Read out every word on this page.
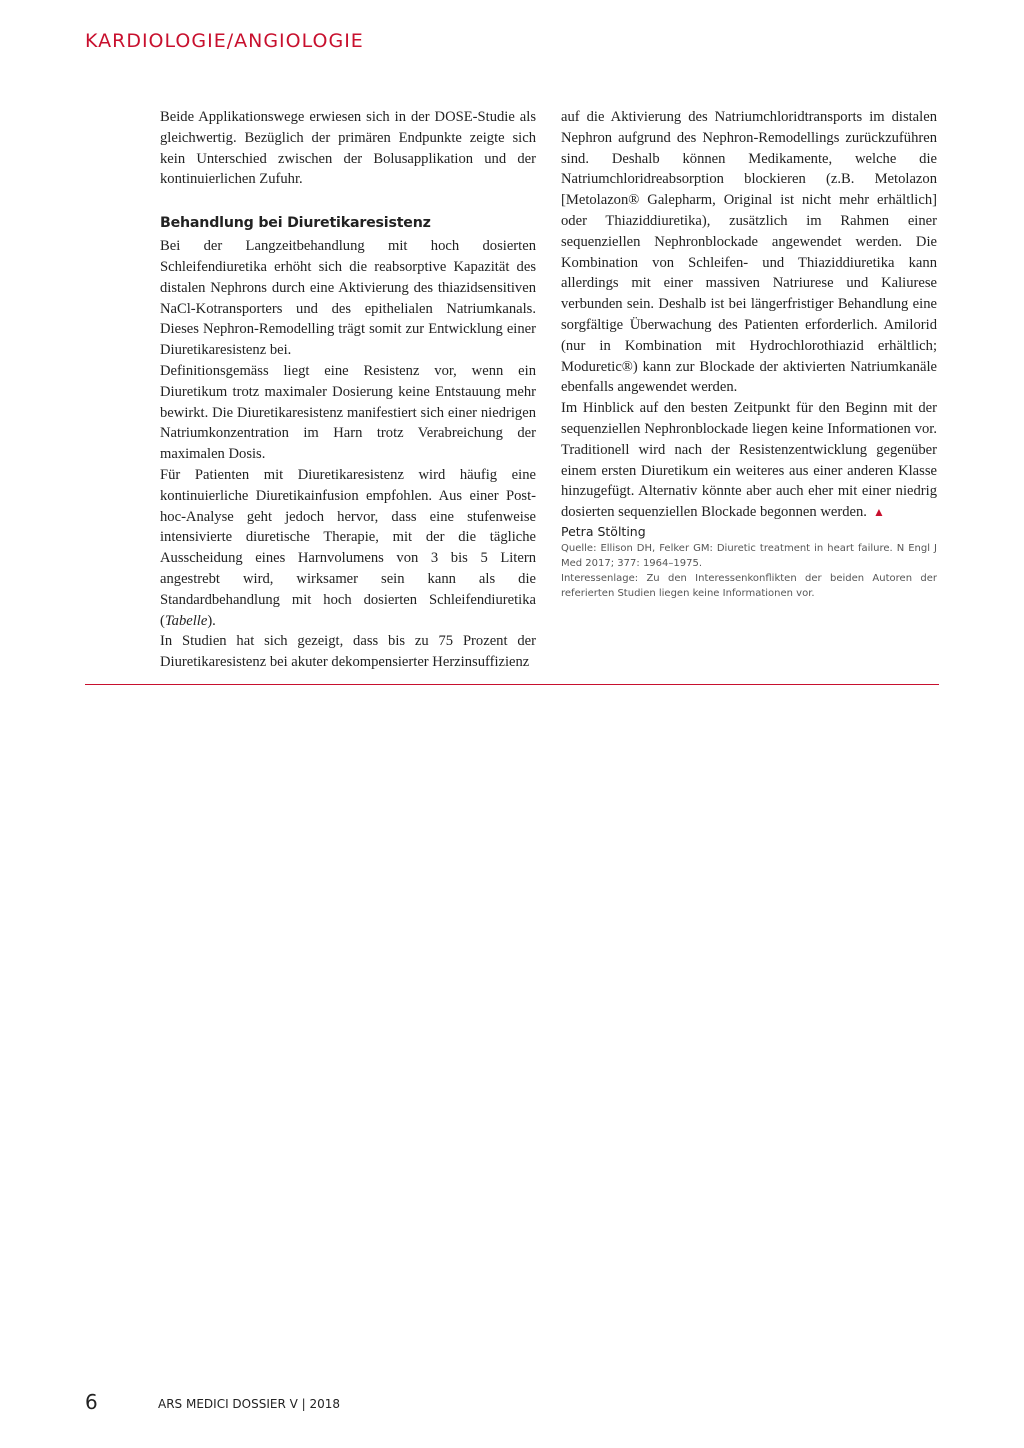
KARDIOLOGIE/ANGIOLOGIE

Beide Applikationswege erwiesen sich in der DOSE-Studie als gleichwertig. Bezüglich der primären Endpunkte zeigte sich kein Unterschied zwischen der Bolusapplikation und der kontinuierlichen Zufuhr.

Behandlung bei Diuretikaresistenz

Bei der Langzeitbehandlung mit hoch dosierten Schleifendiuretika erhöht sich die reabsorptive Kapazität des distalen Nephrons durch eine Aktivierung des thiazidsensitiven NaCl-Kotransporters und des epithelialen Natriumkanals. Dieses Nephron-Remodelling trägt somit zur Entwicklung einer Diuretikaresistenz bei.

Definitionsgemäss liegt eine Resistenz vor, wenn ein Diuretikum trotz maximaler Dosierung keine Entstauung mehr bewirkt. Die Diuretikaresistenz manifestiert sich einer niedrigen Natriumkonzentration im Harn trotz Verabreichung der maximalen Dosis.

Für Patienten mit Diuretikaresistenz wird häufig eine kontinuierliche Diuretikainfusion empfohlen. Aus einer Post-hoc-Analyse geht jedoch hervor, dass eine stufenweise intensivierte diuretische Therapie, mit der die tägliche Ausscheidung eines Harnvolumens von 3 bis 5 Litern angestrebt wird, wirksamer sein kann als die Standardbehandlung mit hoch dosierten Schleifendiuretika (Tabelle).

In Studien hat sich gezeigt, dass bis zu 75 Prozent der Diuretikaresistenz bei akuter dekompensierter Herzinsuffizienz

auf die Aktivierung des Natriumchloridtransports im distalen Nephron aufgrund des Nephron-Remodellings zurückzuführen sind. Deshalb können Medikamente, welche die Natriumchloridreabsorption blockieren (z.B. Metolazon [Metolazon® Galepharm, Original ist nicht mehr erhältlich] oder Thiaziddiuretika), zusätzlich im Rahmen einer sequenziellen Nephronblockade angewendet werden. Die Kombination von Schleifen- und Thiaziddiuretika kann allerdings mit einer massiven Natriurese und Kaliurese verbunden sein. Deshalb ist bei längerfristiger Behandlung eine sorgfältige Überwachung des Patienten erforderlich. Amilorid (nur in Kombination mit Hydrochlorothiazid erhältlich; Moduretic®) kann zur Blockade der aktivierten Natriumkanäle ebenfalls angewendet werden.

Im Hinblick auf den besten Zeitpunkt für den Beginn mit der sequenziellen Nephronblockade liegen keine Informationen vor. Traditionell wird nach der Resistenzentwicklung gegenüber einem ersten Diuretikum ein weiteres aus einer anderen Klasse hinzugefügt. Alternativ könnte aber auch eher mit einer niedrig dosierten sequenziellen Blockade begonnen werden. ▲

Petra Stölting

Quelle: Ellison DH, Felker GM: Diuretic treatment in heart failure. N Engl J Med 2017; 377: 1964–1975.

Interessenlage: Zu den Interessenkonflikten der beiden Autoren der referierten Studien liegen keine Informationen vor.

6	ARS MEDICI DOSSIER V | 2018
